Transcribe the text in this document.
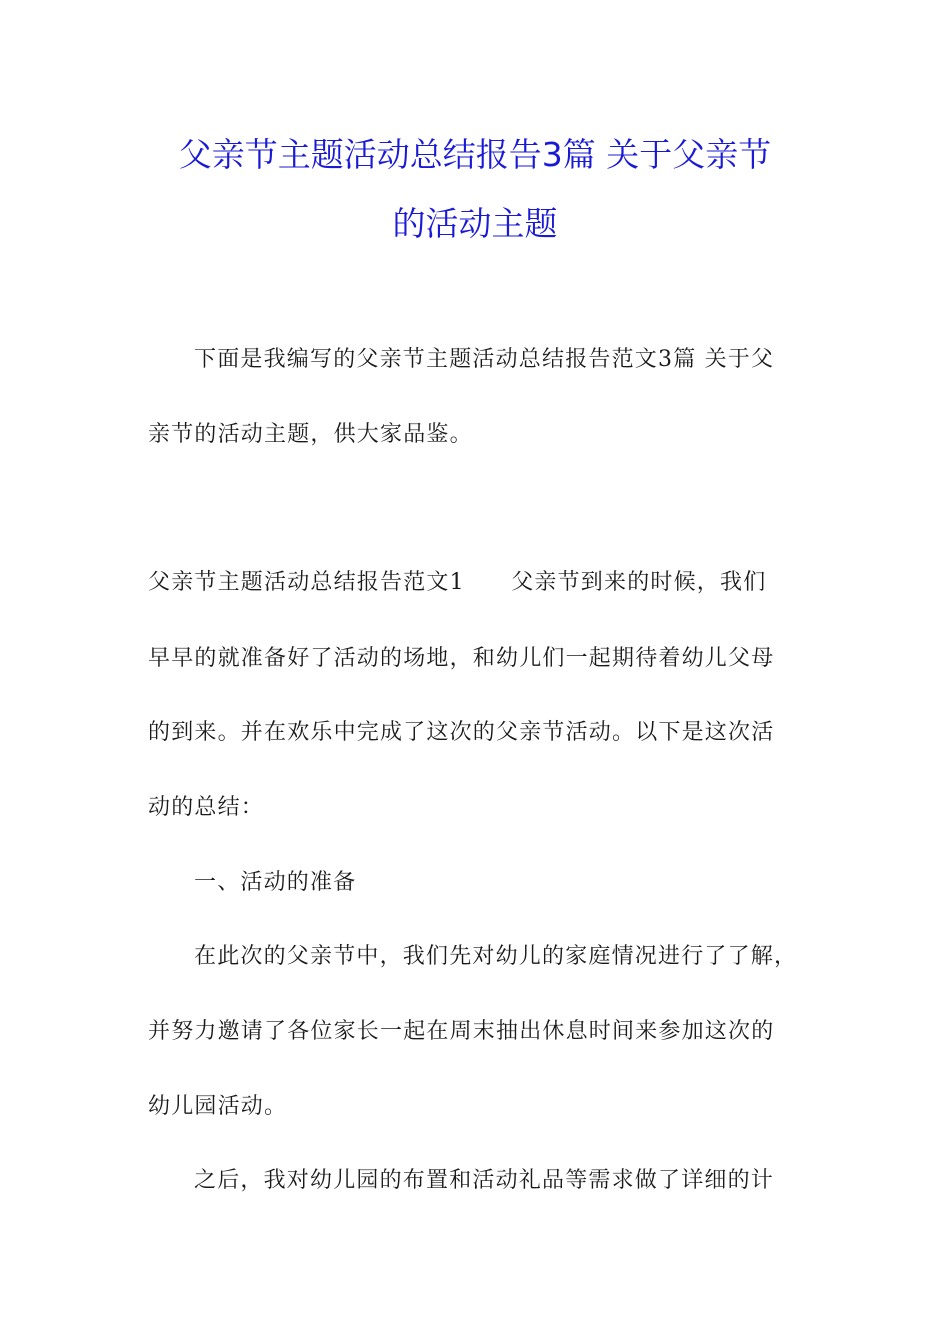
父亲节主题活动总结报告3篇 关于父亲节
的活动主题
下面是我编写的父亲节主题活动总结报告范文3篇 关于父
亲节的活动主题，供大家品鉴。
父亲节主题活动总结报告范文1　　父亲节到来的时候，我们
早早的就准备好了活动的场地，和幼儿们一起期待着幼儿父母
的到来。并在欢乐中完成了这次的父亲节活动。以下是这次活
动的总结：
一、活动的准备
在此次的父亲节中，我们先对幼儿的家庭情况进行了了解，
并努力邀请了各位家长一起在周末抽出休息时间来参加这次的
幼儿园活动。
之后，我对幼儿园的布置和活动礼品等需求做了详细的计
